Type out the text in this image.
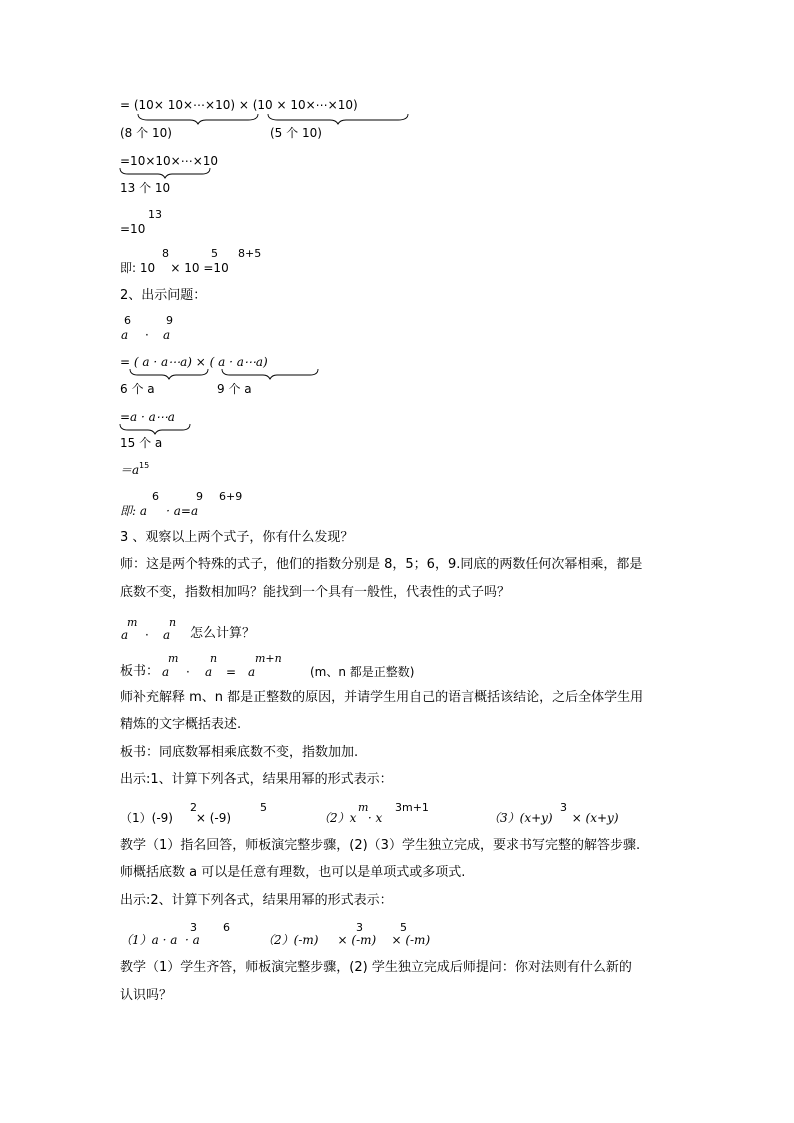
= (10× 10×⋯×10) × (10 × 10×⋯×10)
(8 个 10)	(5 个 10)
=10×10×⋯×10
13 个 10
13
=10
8	5 8+5
即: 10 × 10 =10
2、出示问题：
6	9
a · a
= ( a · a⋯a) × ( a · a⋯a)
6 个 a	9 个 a
=a · a⋯a
15 个 a
＝a 15
6	9 6+9
即: a · a=a
3 、观察以上两个式子，你有什么发现？
师：这是两个特殊的式子，他们的指数分别是 8，5；6，9.同底的两数任何次幂相乘，都是
底数不变，指数相加吗？能找到一个具有一般性，代表性的式子吗？
m	n
a · a 怎么计算？
m	n	m+n
板书： a · a = a	(m、n 都是正整数)
师补充解释 m、n 都是正整数的原因，并请学生用自己的语言概括该结论，之后全体学生用
精炼的文字概括表述.
板书：同底数幂相乘底数不变，指数加加.
出示:1、计算下列各式，结果用幂的形式表示：
2	5
（1）(-9) × (-9)
m 3m+1
（2）x · x
3
（3）(x+y) × (x+y)
教学（1）指名回答，师板演完整步骤，(2)（3）学生独立完成，要求书写完整的解答步骤.
师概括底数 a 可以是任意有理数，也可以是单项式或多项式.
出示:2、计算下列各式，结果用幂的形式表示：
3 6
（1）a · a · a
3	5
（2）(-m) × (-m) × (-m)
教学（1）学生齐答，师板演完整步骤，(2) 学生独立完成后师提问：你对法则有什么新的
认识吗？
